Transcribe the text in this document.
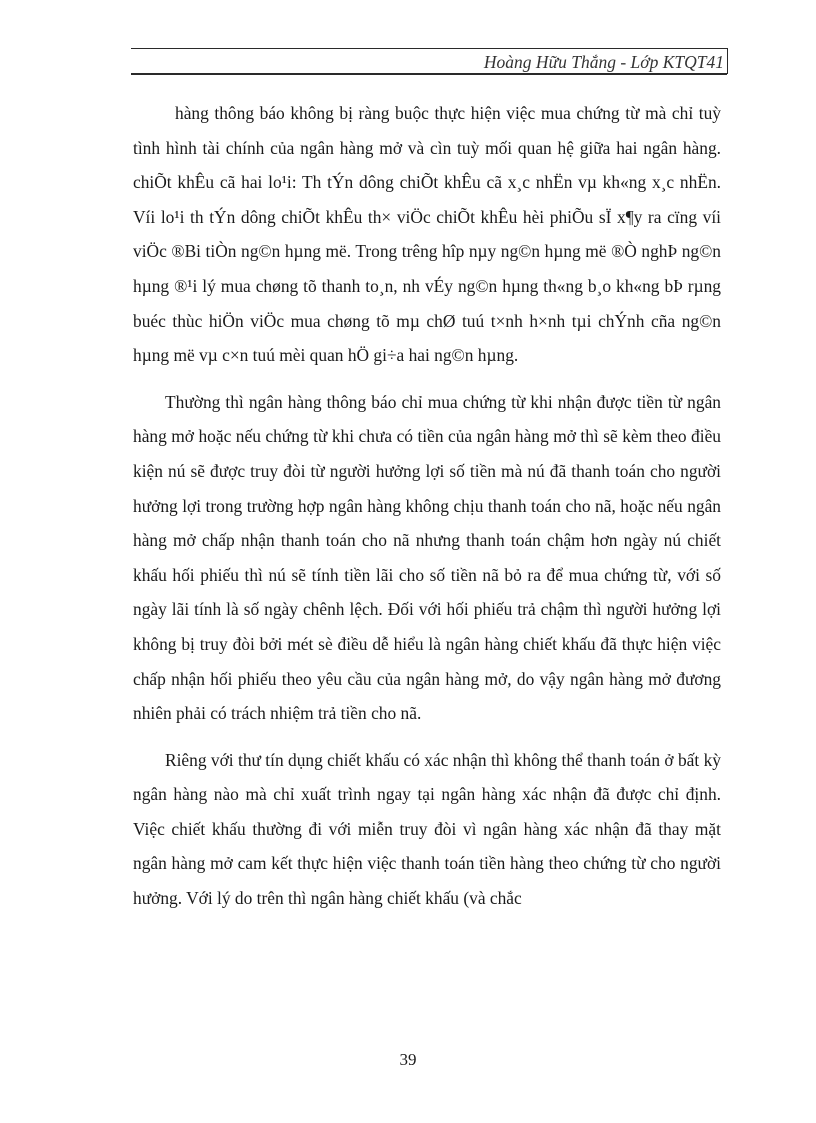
Hoàng Hữu Thắng - Lớp KTQT41

hàng thông báo không bị ràng buộc thực hiện việc mua chứng từ mà chỉ tuỳ tình hình tài chính của ngân hàng mở và cìn tuỳ mối quan hệ giữa hai ngân hàng. chiÕt khÊu cã hai lo¹i: Th tÝn dông chiÕt khÊu cã x¸c nhËn vµ kh«ng x¸c nhËn. Víi lo¹i th tÝn dông chiÕt khÊu th× viÖc chiÕt khÊu hèi phiÕu sÏ x¶y ra cïng víi viÖc ®Bi tiÒn ng©n hµng më. Trong trêng hîp nµy ng©n hµng më ®Ò nghÞ ng©n hµng ®¹i lý mua chøng tõ thanh to¸n, nh vÉy ng©n hµng th«ng b¸o kh«ng bÞ rµng buéc thùc hiÖn viÖc mua chøng tõ mµ chØ tuú t×nh h×nh tµi chÝnh cña ng©n hµng më vµ c×n tuú mèi quan hÖ gi÷a hai ng©n hµng.

Thường thì ngân hàng thông báo chỉ mua chứng từ khi nhận được tiền từ ngân hàng mở hoặc nếu chứng từ khi chưa có tiền của ngân hàng mở thì sẽ kèm theo điều kiện nú sẽ được truy đòi từ người hưởng lợi số tiền mà nú đã thanh toán cho người hưởng lợi trong trường hợp ngân hàng không chịu thanh toán cho nã, hoặc nếu ngân hàng mở chấp nhận thanh toán cho nã nhưng thanh toán chậm hơn ngày nú chiết khấu hối phiếu thì nú sẽ tính tiền lãi cho số tiền nã bỏ ra để mua chứng từ, với số ngày lãi tính là số ngày chênh lệch. Đối với hối phiếu trả chậm thì người hưởng lợi không bị truy đòi bởi mét sè điều dễ hiểu là ngân hàng chiết khấu đã thực hiện việc chấp nhận hối phiếu theo yêu cầu của ngân hàng mở, do vậy ngân hàng mở đương nhiên phải có trách nhiệm trả tiền cho nã.

Riêng với thư tín dụng chiết khấu có xác nhận thì không thể thanh toán ở bất kỳ ngân hàng nào mà chỉ xuất trình ngay tại ngân hàng xác nhận đã được chỉ định. Việc chiết khấu thường đi với miễn truy đòi vì ngân hàng xác nhận đã thay mặt ngân hàng mở cam kết thực hiện việc thanh toán tiền hàng theo chứng từ cho người hưởng. Với lý do trên thì ngân hàng chiết khấu (và chắc

39
